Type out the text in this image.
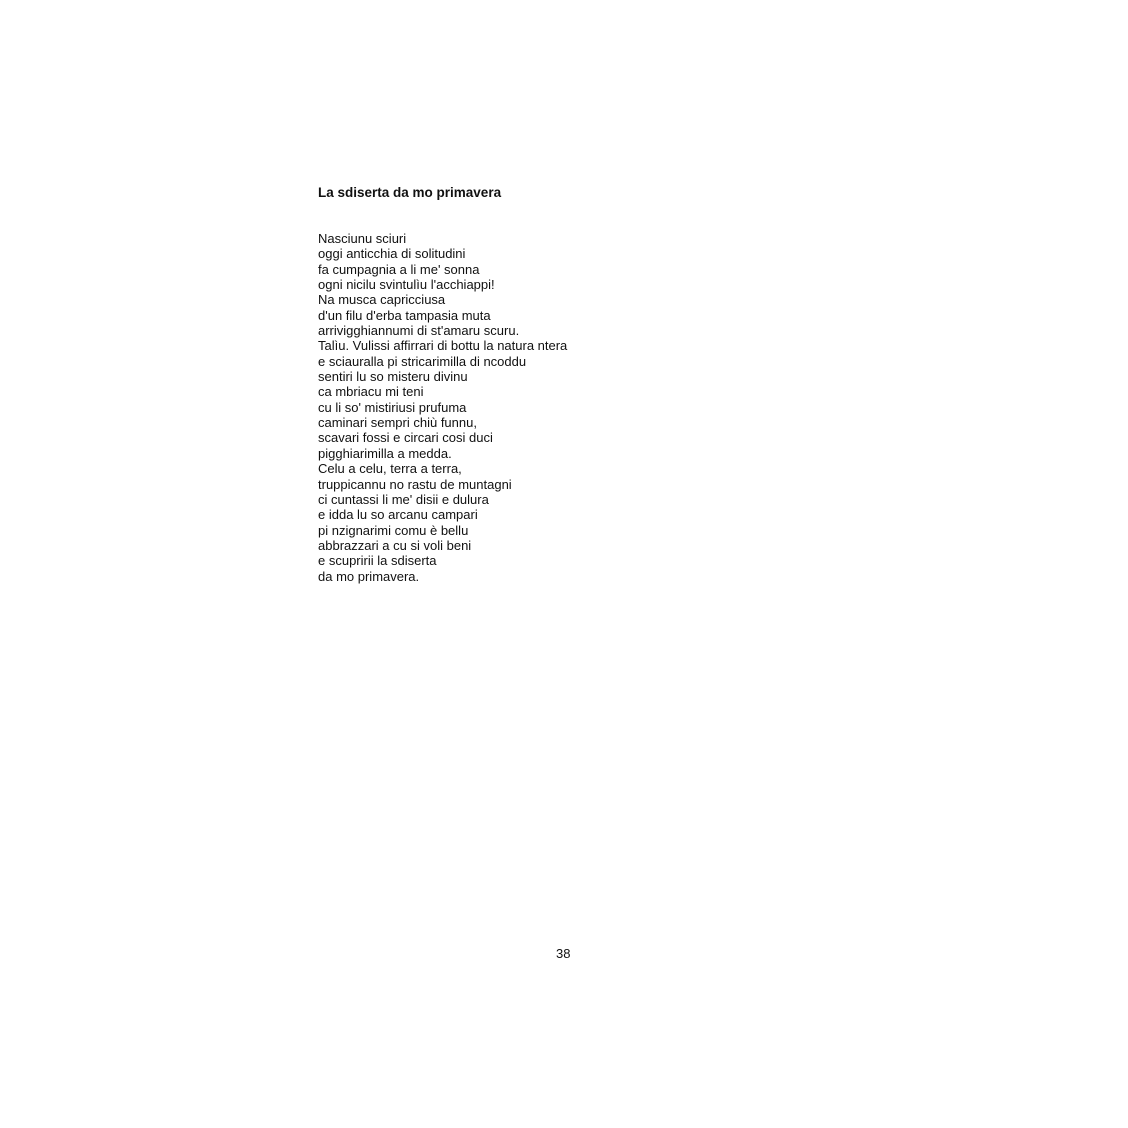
La sdiserta da mo primavera
Nasciunu sciuri
oggi anticchia di solitudini
fa cumpagnia a li me' sonna
ogni nicilu svintulìu l'acchiappi!
Na musca capricciusa
d'un filu d'erba tampasia muta
arrivigghiannumi di st'amaru scuru.
Talìu. Vulissi affirrari di bottu la natura ntera
e sciauralla pi stricarimilla di ncoddu
sentiri lu so misteru divinu
ca mbriacu mi teni
cu li so' mistiriusi prufuma
caminari sempri chiù funnu,
scavari fossi e circari cosi duci
pigghiarimilla a medda.
Celu a celu, terra a terra,
truppicannu no rastu de muntagni
ci cuntassi li me' disii e dulura
e idda lu so arcanu campari
pi nzignarimi comu è bellu
abbrazzari a cu si voli beni
e scupririi la sdiserta
da mo primavera.
38
